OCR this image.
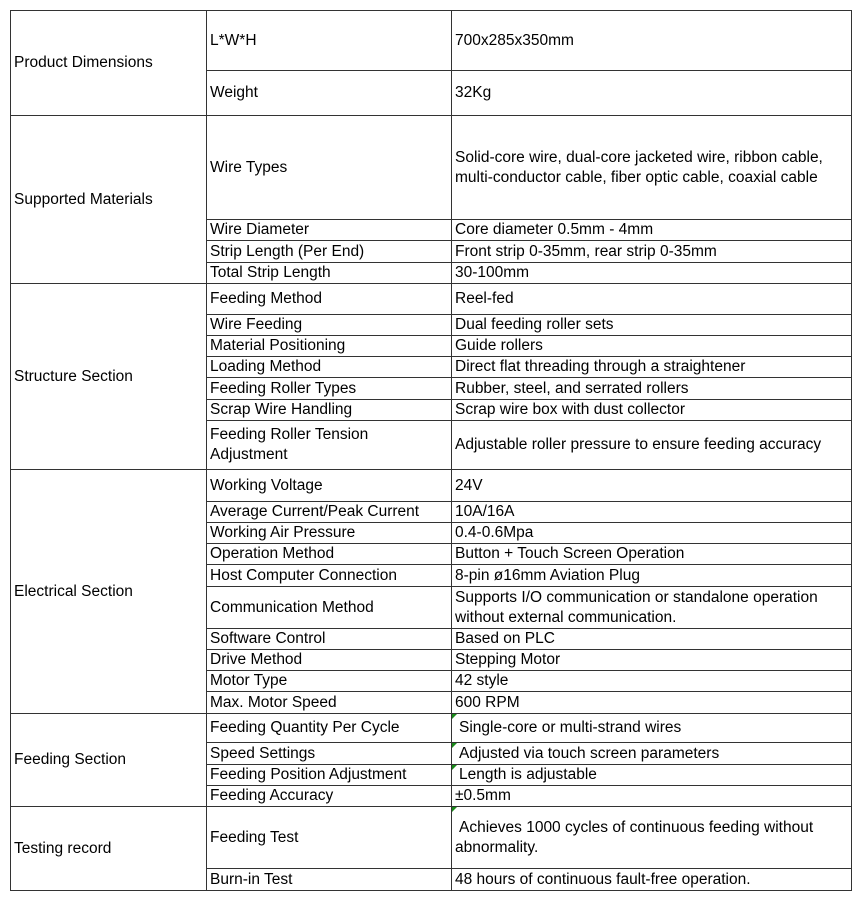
Product Dimensions	L*W*H	700x285x350mm
	Weight	32Kg
Supported Materials	Wire Types	Solid-core wire, dual-core jacketed wire, ribbon cable, multi-conductor cable, fiber optic cable, coaxial cable
	Wire Diameter	Core diameter 0.5mm - 4mm
	Strip Length (Per End)	Front strip 0-35mm, rear strip 0-35mm
	Total Strip Length	30-100mm
Structure Section	Feeding Method	Reel-fed
	Wire Feeding	Dual feeding roller sets
	Material Positioning	Guide rollers
	Loading Method	Direct flat threading through a straightener
	Feeding Roller Types	Rubber, steel, and serrated rollers
	Scrap Wire Handling	Scrap wire box with dust collector
	Feeding Roller Tension Adjustment	Adjustable roller pressure to ensure feeding accuracy
Electrical Section	Working Voltage	24V
	Average Current/Peak Current	10A/16A
	Working Air Pressure	0.4-0.6Mpa
	Operation Method	Button + Touch Screen Operation
	Host Computer Connection	8-pin ø16mm Aviation Plug
	Communication Method	Supports I/O communication or standalone operation without external communication.
	Software Control	Based on PLC
	Drive Method	Stepping Motor
	Motor Type	42 style
	Max. Motor Speed	600 RPM
Feeding Section	Feeding Quantity Per Cycle	Single-core or multi-strand wires
	Speed Settings	Adjusted via touch screen parameters
	Feeding Position Adjustment	Length is adjustable
	Feeding Accuracy	±0.5mm
Testing record	Feeding Test	Achieves 1000 cycles of continuous feeding without abnormality.
	Burn-in Test	48 hours of continuous fault-free operation.
